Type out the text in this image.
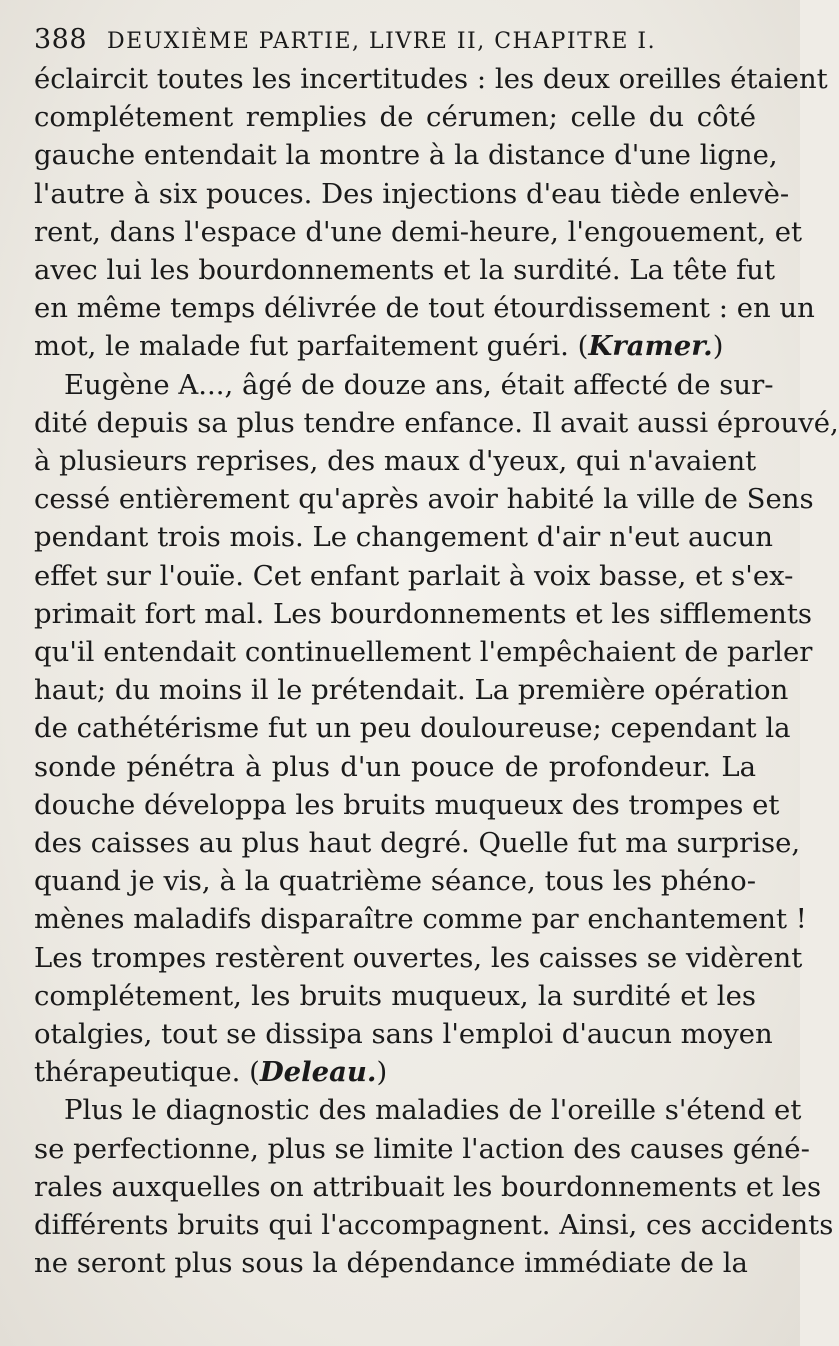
388 DEUXIÈME PARTIE, LIVRE II, CHAPITRE I.
éclaircit toutes les incertitudes : les deux oreilles étaient
complétement remplies de cérumen; celle du côté
gauche entendait la montre à la distance d'une ligne,
l'autre à six pouces. Des injections d'eau tiède enlevè-
rent, dans l'espace d'une demi-heure, l'engouement, et
avec lui les bourdonnements et la surdité. La tête fut
en même temps délivrée de tout étourdissement : en un
mot, le malade fut parfaitement guéri. (Kramer.)
Eugène A..., âgé de douze ans, était affecté de sur-
dité depuis sa plus tendre enfance. Il avait aussi éprouvé,
à plusieurs reprises, des maux d'yeux, qui n'avaient
cessé entièrement qu'après avoir habité la ville de Sens
pendant trois mois. Le changement d'air n'eut aucun
effet sur l'ouïe. Cet enfant parlait à voix basse, et s'ex-
primait fort mal. Les bourdonnements et les sifflements
qu'il entendait continuellement l'empêchaient de parler
haut; du moins il le prétendait. La première opération
de cathétérisme fut un peu douloureuse; cependant la
sonde pénétra à plus d'un pouce de profondeur. La
douche développa les bruits muqueux des trompes et
des caisses au plus haut degré. Quelle fut ma surprise,
quand je vis, à la quatrième séance, tous les phéno-
mènes maladifs disparaître comme par enchantement !
Les trompes restèrent ouvertes, les caisses se vidèrent
complétement, les bruits muqueux, la surdité et les
otalgies, tout se dissipa sans l'emploi d'aucun moyen
thérapeutique. (Deleau.)
Plus le diagnostic des maladies de l'oreille s'étend et
se perfectionne, plus se limite l'action des causes géné-
rales auxquelles on attribuait les bourdonnements et les
différents bruits qui l'accompagnent. Ainsi, ces accidents
ne seront plus sous la dépendance immédiate de la
